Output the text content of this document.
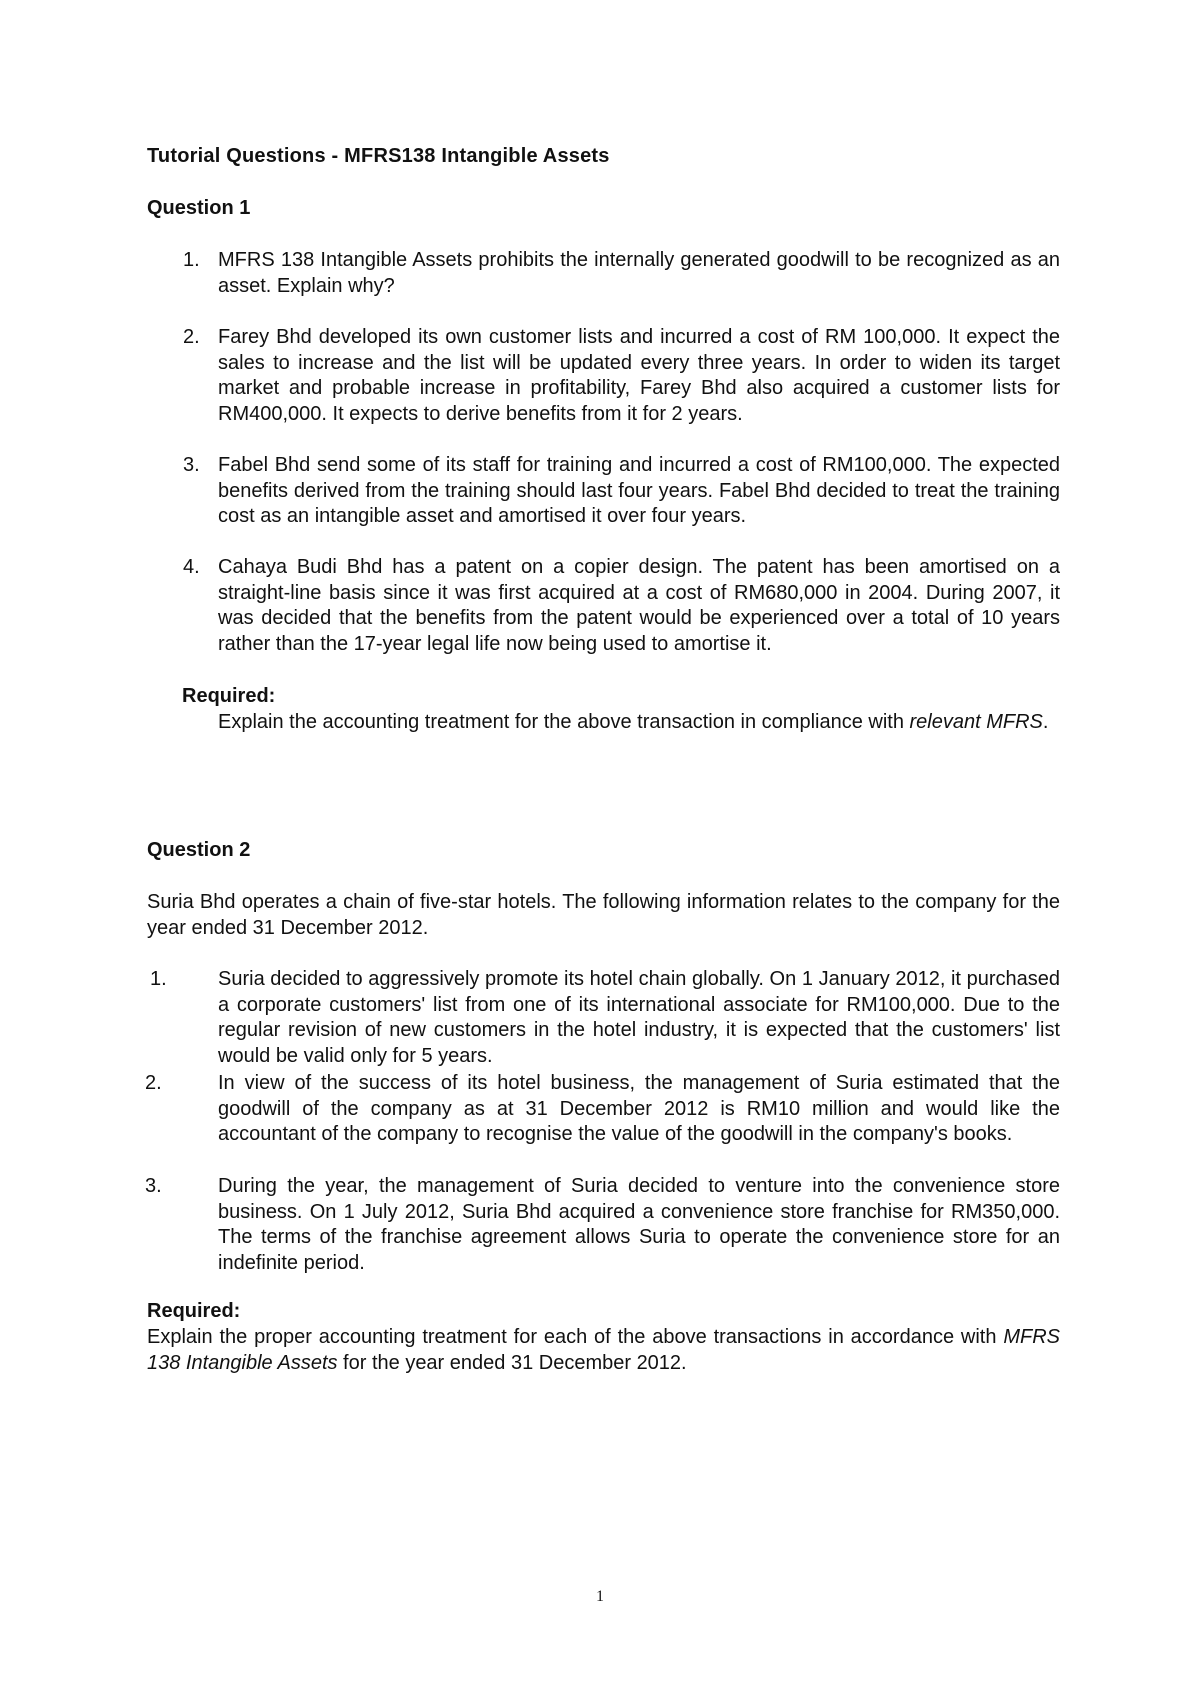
Tutorial Questions - MFRS138 Intangible Assets
Question 1
1. MFRS 138 Intangible Assets prohibits the internally generated goodwill to be recognized as an asset. Explain why?
2. Farey Bhd developed its own customer lists and incurred a cost of RM 100,000. It expect the sales to increase and the list will be updated every three years. In order to widen its target market and probable increase in profitability, Farey Bhd also acquired a customer lists for RM400,000. It expects to derive benefits from it for 2 years.
3. Fabel Bhd send some of its staff for training and incurred a cost of RM100,000. The expected benefits derived from the training should last four years. Fabel Bhd decided to treat the training cost as an intangible asset and amortised it over four years.
4. Cahaya Budi Bhd has a patent on a copier design. The patent has been amortised on a straight-line basis since it was first acquired at a cost of RM680,000 in 2004. During 2007, it was decided that the benefits from the patent would be experienced over a total of 10 years rather than the 17-year legal life now being used to amortise it.
Required:
Explain the accounting treatment for the above transaction in compliance with relevant MFRS.
Question 2
Suria Bhd operates a chain of five-star hotels. The following information relates to the company for the year ended 31 December 2012.
1.	Suria decided to aggressively promote its hotel chain globally. On 1 January 2012, it purchased a corporate customers' list from one of its international associate for RM100,000. Due to the regular revision of new customers in the hotel industry, it is expected that the customers' list would be valid only for 5 years.
2.	In view of the success of its hotel business, the management of Suria estimated that the goodwill of the company as at 31 December 2012 is RM10 million and would like the accountant of the company to recognise the value of the goodwill in the company's books.
3.	During the year, the management of Suria decided to venture into the convenience store business. On 1 July 2012, Suria Bhd acquired a convenience store franchise for RM350,000. The terms of the franchise agreement allows Suria to operate the convenience store for an indefinite period.
Required:
Explain the proper accounting treatment for each of the above transactions in accordance with MFRS 138 Intangible Assets for the year ended 31 December 2012.
1
